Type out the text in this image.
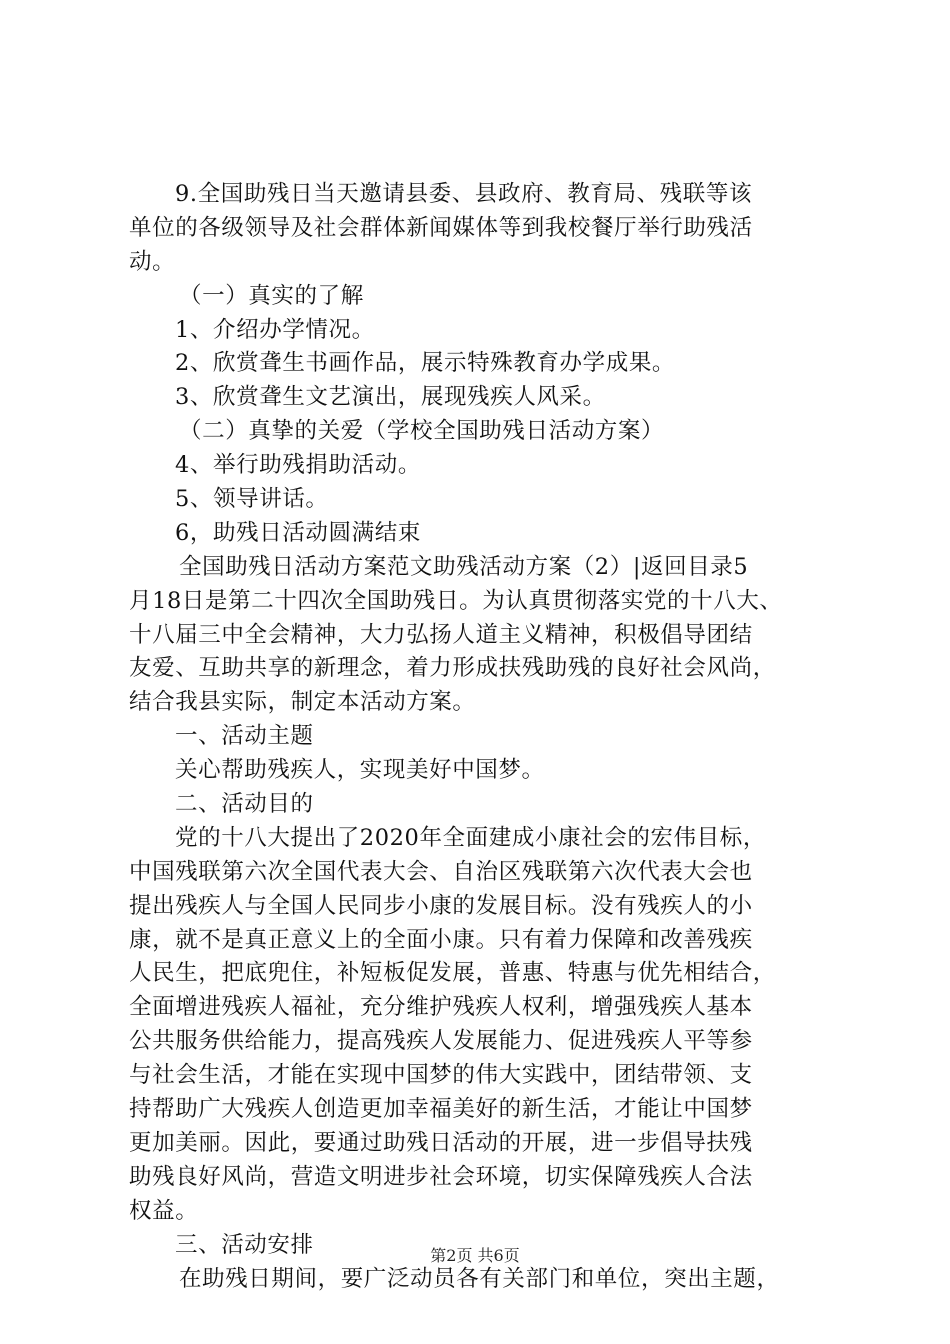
9.全国助残日当天邀请县委、县政府、教育局、残联等该
单位的各级领导及社会群体新闻媒体等到我校餐厅举行助残活
动。
（一）真实的了解
1、介绍办学情况。
2、欣赏聋生书画作品，展示特殊教育办学成果。
3、欣赏聋生文艺演出，展现残疾人风采。
（二）真挚的关爱（学校全国助残日活动方案）
4、举行助残捐助活动。
5、领导讲话。
6，助残日活动圆满结束
全国助残日活动方案范文助残活动方案（2）|返回目录5
月18日是第二十四次全国助残日。为认真贯彻落实党的十八大、
十八届三中全会精神，大力弘扬人道主义精神，积极倡导团结
友爱、互助共享的新理念，着力形成扶残助残的良好社会风尚，
结合我县实际，制定本活动方案。
一、活动主题
关心帮助残疾人，实现美好中国梦。
二、活动目的
党的十八大提出了2020年全面建成小康社会的宏伟目标，
中国残联第六次全国代表大会、自治区残联第六次代表大会也
提出残疾人与全国人民同步小康的发展目标。没有残疾人的小
康，就不是真正意义上的全面小康。只有着力保障和改善残疾
人民生，把底兜住，补短板促发展，普惠、特惠与优先相结合，
全面增进残疾人福祉，充分维护残疾人权利，增强残疾人基本
公共服务供给能力，提高残疾人发展能力、促进残疾人平等参
与社会生活，才能在实现中国梦的伟大实践中，团结带领、支
持帮助广大残疾人创造更加幸福美好的新生活，才能让中国梦
更加美丽。因此，要通过助残日活动的开展，进一步倡导扶残
助残良好风尚，营造文明进步社会环境，切实保障残疾人合法
权益。
三、活动安排
在助残日期间，要广泛动员各有关部门和单位，突出主题，
第2页 共6页
